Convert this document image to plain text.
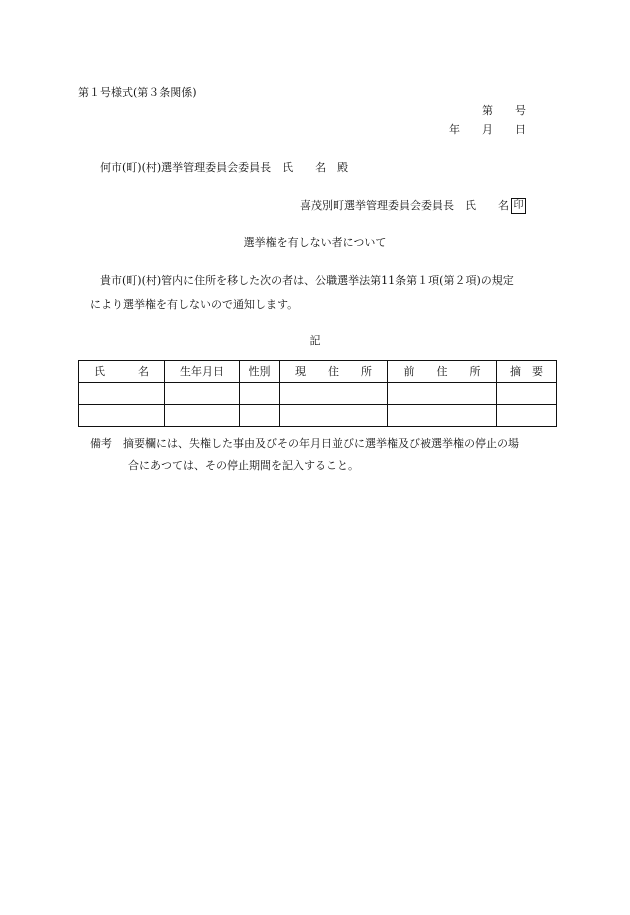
第１号様式(第３条関係)
第　　号
年　　月　　日
何市(町)(村)選挙管理委員会委員長　氏　　名　殿
喜茂別町選挙管理委員会委員長　氏　　名 印
選挙権を有しない者について
貴市(町)(村)管内に住所を移した次の者は、公職選挙法第11条第１項(第２項)の規定
により選挙権を有しないので通知します。
記
氏　　　名	生年月日	性別	現　　住　　所	前　　住　　所	摘　要

備考　摘要欄には、失権した事由及びその年月日並びに選挙権及び被選挙権の停止の場
合にあつては、その停止期間を記入すること。
